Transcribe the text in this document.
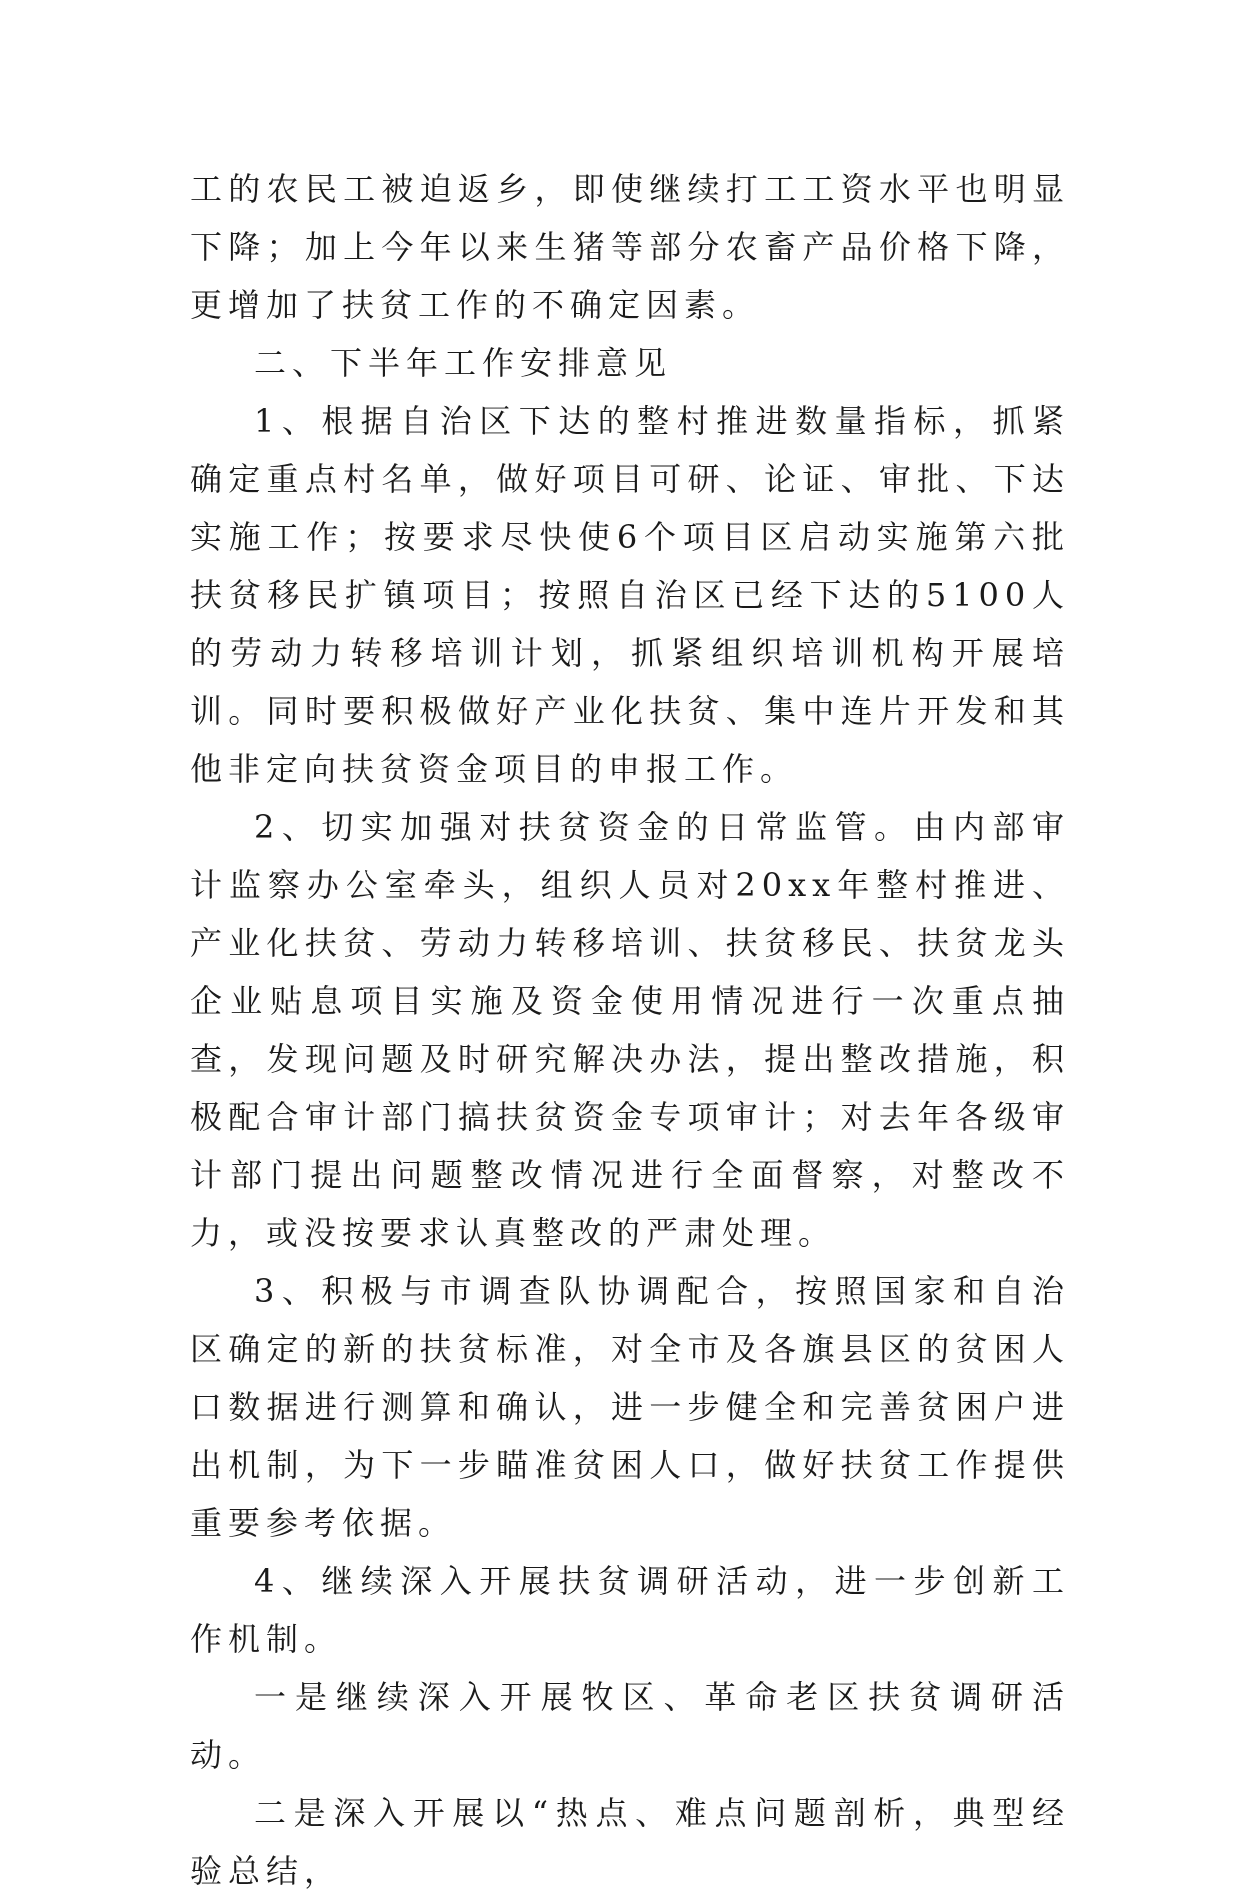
工的农民工被迫返乡，即使继续打工工资水平也明显下降；加上今年以来生猪等部分农畜产品价格下降，更增加了扶贫工作的不确定因素。

二、下半年工作安排意见

1、根据自治区下达的整村推进数量指标，抓紧确定重点村名单，做好项目可研、论证、审批、下达实施工作；按要求尽快使6个项目区启动实施第六批扶贫移民扩镇项目；按照自治区已经下达的5100人的劳动力转移培训计划，抓紧组织培训机构开展培训。同时要积极做好产业化扶贫、集中连片开发和其他非定向扶贫资金项目的申报工作。

2、切实加强对扶贫资金的日常监管。由内部审计监察办公室牵头，组织人员对20xx年整村推进、产业化扶贫、劳动力转移培训、扶贫移民、扶贫龙头企业贴息项目实施及资金使用情况进行一次重点抽查，发现问题及时研究解决办法，提出整改措施，积极配合审计部门搞扶贫资金专项审计；对去年各级审计部门提出问题整改情况进行全面督察，对整改不力，或没按要求认真整改的严肃处理。

3、积极与市调查队协调配合，按照国家和自治区确定的新的扶贫标准，对全市及各旗县区的贫困人口数据进行测算和确认，进一步健全和完善贫困户进出机制，为下一步瞄准贫困人口，做好扶贫工作提供重要参考依据。

4、继续深入开展扶贫调研活动，进一步创新工作机制。

一是继续深入开展牧区、革命老区扶贫调研活动。

二是深入开展以“热点、难点问题剖析，典型经验总结，
